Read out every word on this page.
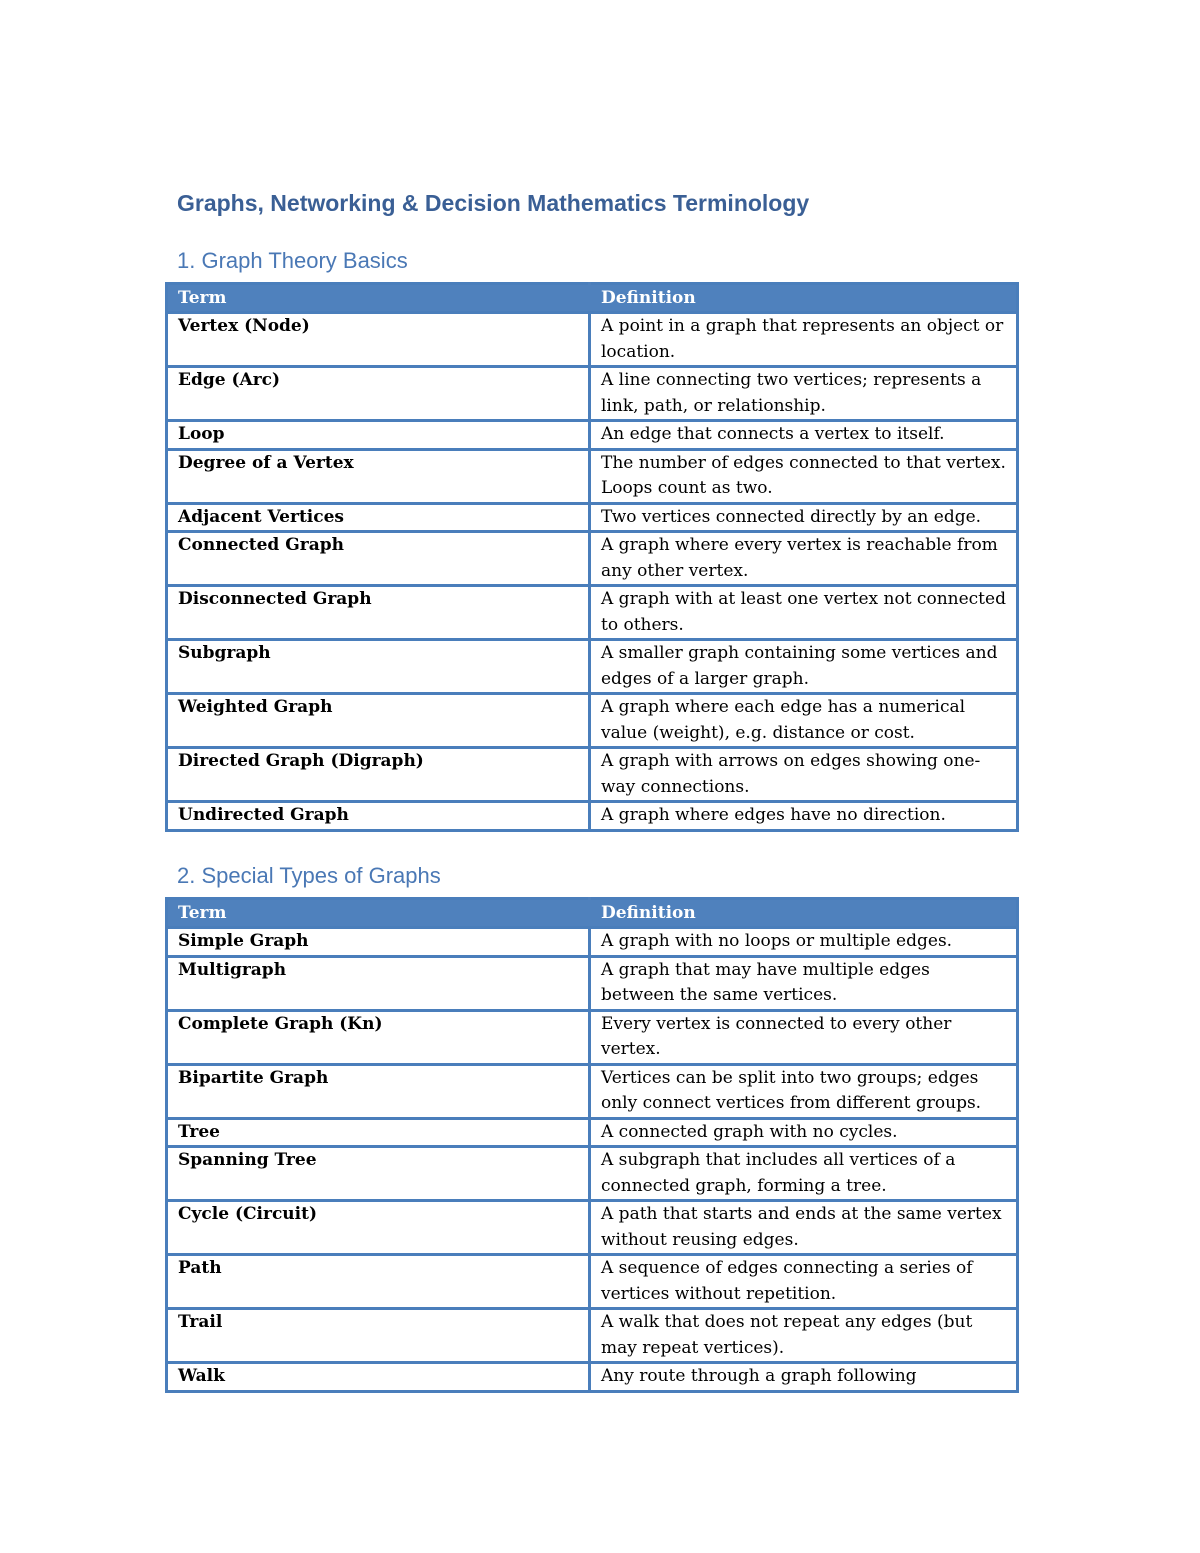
Graphs, Networking & Decision Mathematics Terminology
1. Graph Theory Basics
Term	Definition
Vertex (Node)	A point in a graph that represents an object or location.
Edge (Arc)	A line connecting two vertices; represents a link, path, or relationship.
Loop	An edge that connects a vertex to itself.
Degree of a Vertex	The number of edges connected to that vertex. Loops count as two.
Adjacent Vertices	Two vertices connected directly by an edge.
Connected Graph	A graph where every vertex is reachable from any other vertex.
Disconnected Graph	A graph with at least one vertex not connected to others.
Subgraph	A smaller graph containing some vertices and edges of a larger graph.
Weighted Graph	A graph where each edge has a numerical value (weight), e.g. distance or cost.
Directed Graph (Digraph)	A graph with arrows on edges showing one-way connections.
Undirected Graph	A graph where edges have no direction.
2. Special Types of Graphs
Term	Definition
Simple Graph	A graph with no loops or multiple edges.
Multigraph	A graph that may have multiple edges between the same vertices.
Complete Graph (Kn)	Every vertex is connected to every other vertex.
Bipartite Graph	Vertices can be split into two groups; edges only connect vertices from different groups.
Tree	A connected graph with no cycles.
Spanning Tree	A subgraph that includes all vertices of a connected graph, forming a tree.
Cycle (Circuit)	A path that starts and ends at the same vertex without reusing edges.
Path	A sequence of edges connecting a series of vertices without repetition.
Trail	A walk that does not repeat any edges (but may repeat vertices).
Walk	Any route through a graph following
